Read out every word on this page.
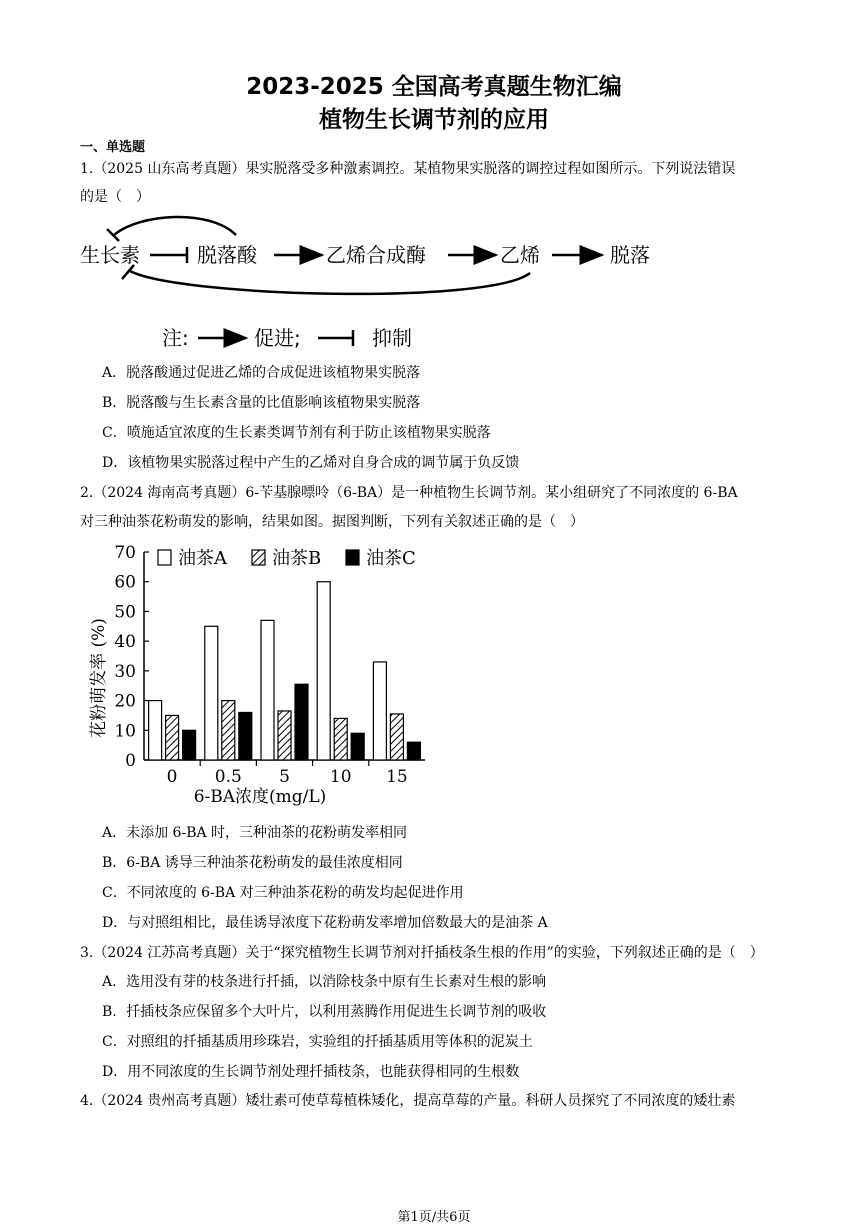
2023-2025 全国高考真题生物汇编
植物生长调节剂的应用
一、单选题
1.（2025 山东高考真题）果实脱落受多种激素调控。某植物果实脱落的调控过程如图所示。下列说法错误
的是（　）
生长素	脱落酸	乙烯合成酶	乙烯	脱落
注:	促进;	抑制
A．脱落酸通过促进乙烯的合成促进该植物果实脱落
B．脱落酸与生长素含量的比值影响该植物果实脱落
C．喷施适宜浓度的生长素类调节剂有利于防止该植物果实脱落
D．该植物果实脱落过程中产生的乙烯对自身合成的调节属于负反馈
2.（2024 海南高考真题）6-苄基腺嘌呤（6-BA）是一种植物生长调节剂。某小组研究了不同浓度的 6-BA
对三种油茶花粉萌发的影响，结果如图。据图判断，下列有关叙述正确的是（　）
0
10
20
30
40
50
60
70
0 0.5 5 10 15
油茶A	油茶B 油茶C
花粉萌发率 (%)
6-BA浓度(mg/L)
A．未添加 6-BA 时，三种油茶的花粉萌发率相同
B．6-BA 诱导三种油茶花粉萌发的最佳浓度相同
C．不同浓度的 6-BA 对三种油茶花粉的萌发均起促进作用
D．与对照组相比，最佳诱导浓度下花粉萌发率增加倍数最大的是油茶 A
3.（2024 江苏高考真题）关于“探究植物生长调节剂对扦插枝条生根的作用”的实验，下列叙述正确的是（　）
A．选用没有芽的枝条进行扦插，以消除枝条中原有生长素对生根的影响
B．扦插枝条应保留多个大叶片，以利用蒸腾作用促进生长调节剂的吸收
C．对照组的扦插基质用珍珠岩，实验组的扦插基质用等体积的泥炭土
D．用不同浓度的生长调节剂处理扦插枝条，也能获得相同的生根数
4.（2024 贵州高考真题）矮壮素可使草莓植株矮化，提高草莓的产量。科研人员探究了不同浓度的矮壮素
第1页/共6页
